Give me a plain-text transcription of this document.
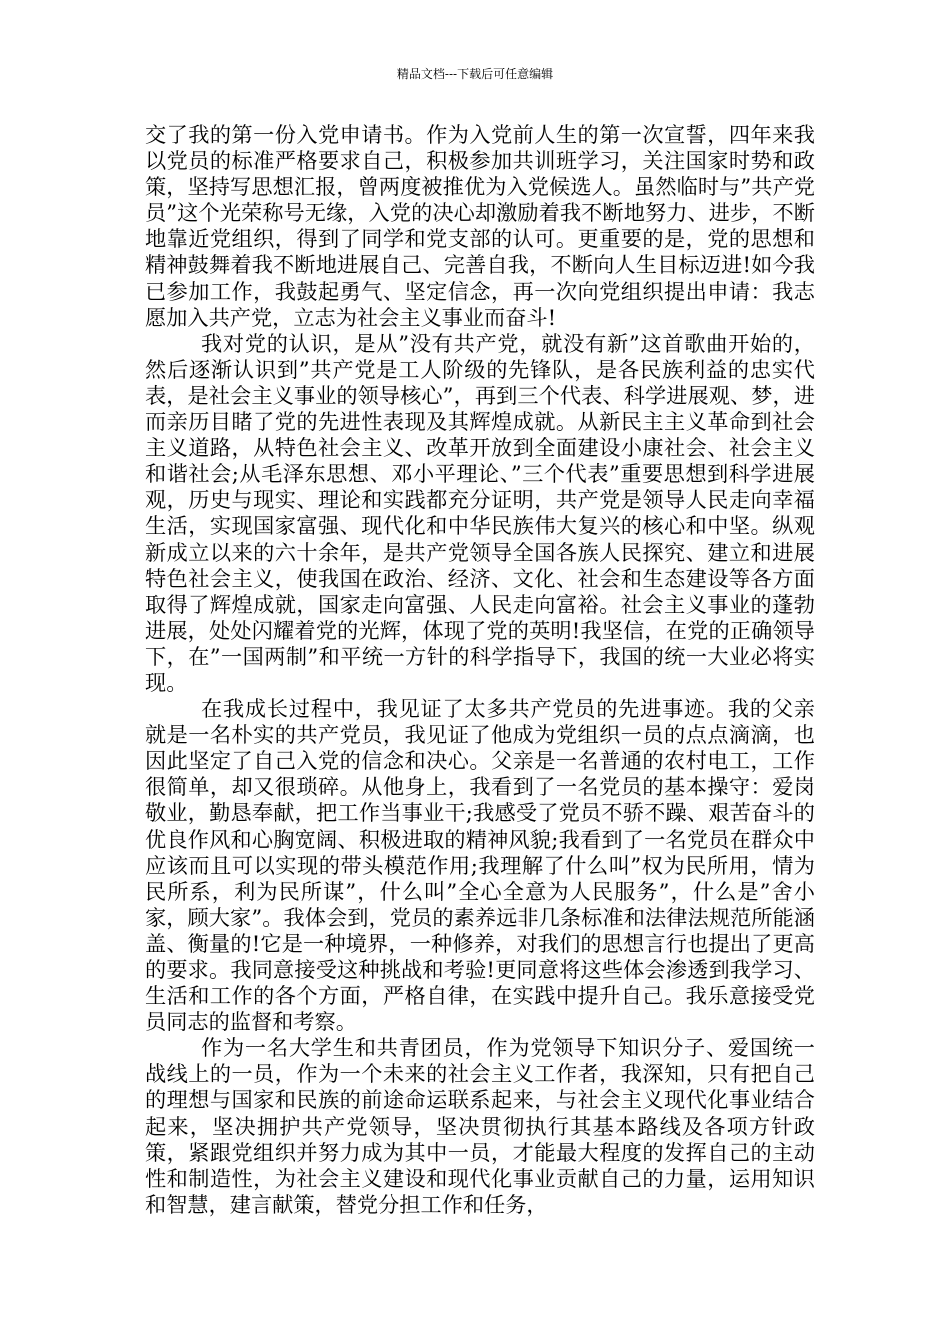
精品文档---下载后可任意编辑

交了我的第一份入党申请书。作为入党前人生的第一次宣誓，四年来我以党员的标准严格要求自己，积极参加共训班学习，关注国家时势和政策，坚持写思想汇报，曾两度被推优为入党候选人。虽然临时与”共产党员”这个光荣称号无缘，入党的决心却激励着我不断地努力、进步，不断地靠近党组织，得到了同学和党支部的认可。更重要的是，党的思想和精神鼓舞着我不断地进展自己、完善自我，不断向人生目标迈进!如今我已参加工作，我鼓起勇气、坚定信念，再一次向党组织提出申请：我志愿加入共产党，立志为社会主义事业而奋斗!

我对党的认识，是从”没有共产党，就没有新”这首歌曲开始的，然后逐渐认识到”共产党是工人阶级的先锋队，是各民族利益的忠实代表，是社会主义事业的领导核心”，再到三个代表、科学进展观、梦，进而亲历目睹了党的先进性表现及其辉煌成就。从新民主主义革命到社会主义道路，从特色社会主义、改革开放到全面建设小康社会、社会主义和谐社会;从毛泽东思想、邓小平理论、”三个代表”重要思想到科学进展观，历史与现实、理论和实践都充分证明，共产党是领导人民走向幸福生活，实现国家富强、现代化和中华民族伟大复兴的核心和中坚。纵观新成立以来的六十余年，是共产党领导全国各族人民探究、建立和进展特色社会主义，使我国在政治、经济、文化、社会和生态建设等各方面取得了辉煌成就，国家走向富强、人民走向富裕。社会主义事业的蓬勃进展，处处闪耀着党的光辉，体现了党的英明!我坚信，在党的正确领导下，在”一国两制”和平统一方针的科学指导下，我国的统一大业必将实现。

在我成长过程中，我见证了太多共产党员的先进事迹。我的父亲就是一名朴实的共产党员，我见证了他成为党组织一员的点点滴滴，也因此坚定了自己入党的信念和决心。父亲是一名普通的农村电工，工作很简单，却又很琐碎。从他身上，我看到了一名党员的基本操守：爱岗敬业，勤恳奉献，把工作当事业干;我感受了党员不骄不躁、艰苦奋斗的优良作风和心胸宽阔、积极进取的精神风貌;我看到了一名党员在群众中应该而且可以实现的带头模范作用;我理解了什么叫”权为民所用，情为民所系，利为民所谋”，什么叫”全心全意为人民服务”，什么是”舍小家，顾大家”。我体会到，党员的素养远非几条标准和法律法规范所能涵盖、衡量的!它是一种境界，一种修养，对我们的思想言行也提出了更高的要求。我同意接受这种挑战和考验!更同意将这些体会渗透到我学习、生活和工作的各个方面，严格自律，在实践中提升自己。我乐意接受党员同志的监督和考察。

作为一名大学生和共青团员，作为党领导下知识分子、爱国统一战线上的一员，作为一个未来的社会主义工作者，我深知，只有把自己的理想与国家和民族的前途命运联系起来，与社会主义现代化事业结合起来，坚决拥护共产党领导，坚决贯彻执行其基本路线及各项方针政策，紧跟党组织并努力成为其中一员，才能最大程度的发挥自己的主动性和制造性，为社会主义建设和现代化事业贡献自己的力量，运用知识和智慧，建言献策，替党分担工作和任务，
